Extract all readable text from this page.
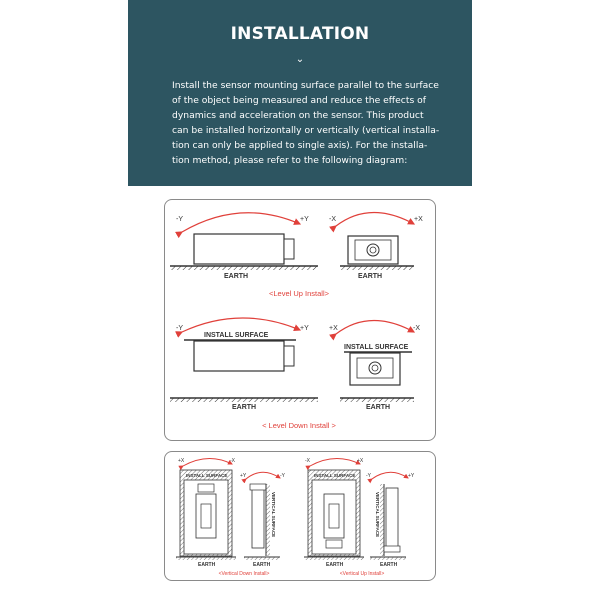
INSTALLATION
⌄
Install the sensor mounting surface parallel to the surface
of the object being measured and reduce the effects of
dynamics and acceleration on the sensor. This product
can be installed horizontally or vertically (vertical installa-
tion can only be applied to single axis). For the installa-
tion method, please refer to the following diagram:
-Y	+Y
EARTH
-X	+X
EARTH
<Level Up Install>
-Y	+Y
INSTALL SURFACE
EARTH
+X	-X
INSTALL SURFACE
EARTH
< Level Down Install >
+X	-X
INSTALL SURFACE
EARTH
+Y	-Y
VERTICAL SURFACE
EARTH
<Vertical Down Install>
-X	+X
INSTALL SURFACE
EARTH
-Y	+Y
VERTICAL SURFACE
EARTH
<Vertical Up Install>
